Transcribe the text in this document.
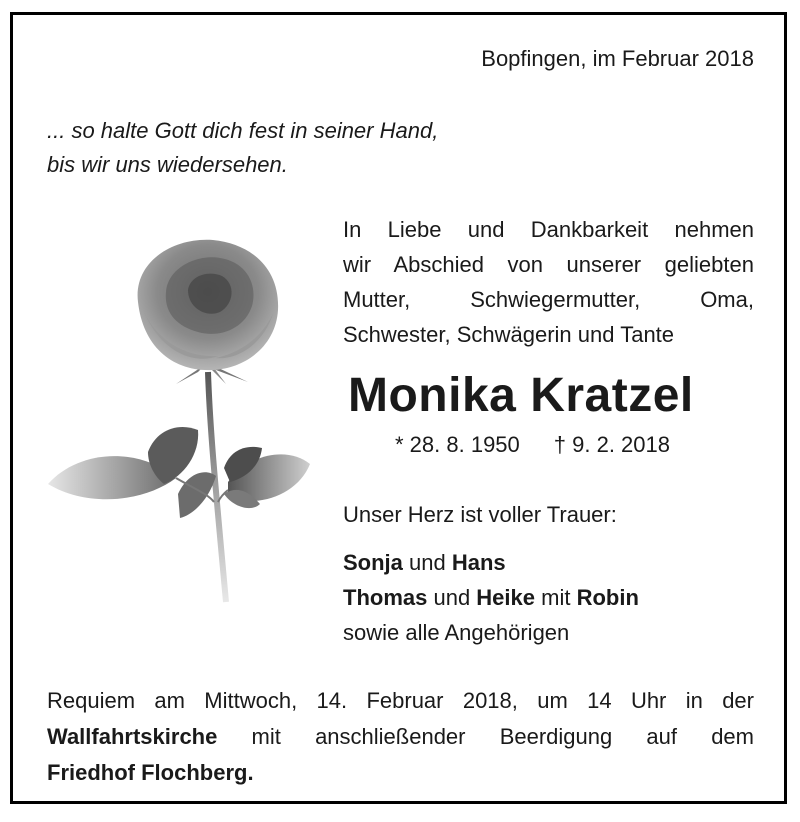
Bopfingen, im Februar 2018
... so halte Gott dich fest in seiner Hand,
bis wir uns wiedersehen.
In Liebe und Dankbarkeit nehmen
wir Abschied von unserer geliebten
Mutter, Schwiegermutter, Oma,
Schwester, Schwägerin und Tante
Monika Kratzel
* 28. 8. 1950 † 9. 2. 2018
Unser Herz ist voller Trauer:
Sonja und Hans
Thomas und Heike mit Robin
sowie alle Angehörigen
Requiem am Mittwoch, 14. Februar 2018, um 14 Uhr in der
Wallfahrtskirche mit anschließender Beerdigung auf dem
Friedhof Flochberg.
